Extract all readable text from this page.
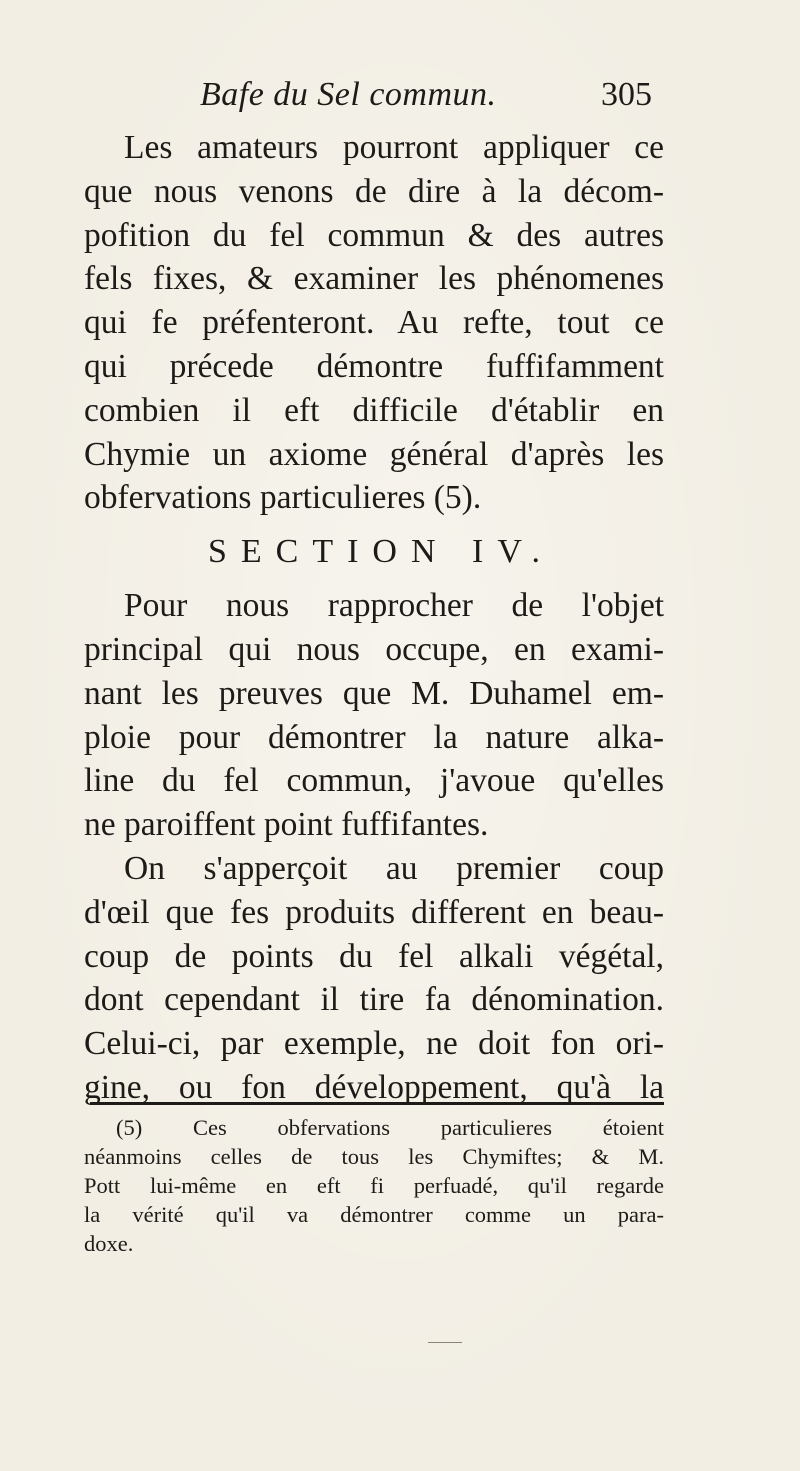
Bafe du Sel commun.	305
Les amateurs pourront appliquer ce
que nous venons de dire à la décom-
pofition du fel commun & des autres
fels fixes, & examiner les phénomenes
qui fe préfenteront. Au refte, tout ce
qui précede démontre fuffifamment
combien il eft difficile d'établir en
Chymie un axiome général d'après les
obfervations particulieres (5).
SECTION IV.
Pour nous rapprocher de l'objet
principal qui nous occupe, en exami-
nant les preuves que M. Duhamel em-
ploie pour démontrer la nature alka-
line du fel commun, j'avoue qu'elles
ne paroiffent point fuffifantes.
On s'apperçoit au premier coup
d'œil que fes produits different en beau-
coup de points du fel alkali végétal,
dont cependant il tire fa dénomination.
Celui-ci, par exemple, ne doit fon ori-
gine, ou fon développement, qu'à la
(5) Ces obfervations particulieres étoient
néanmoins celles de tous les Chymiftes; & M.
Pott lui-même en eft fi perfuadé, qu'il regarde
la vérité qu'il va démontrer comme un para-
doxe.
